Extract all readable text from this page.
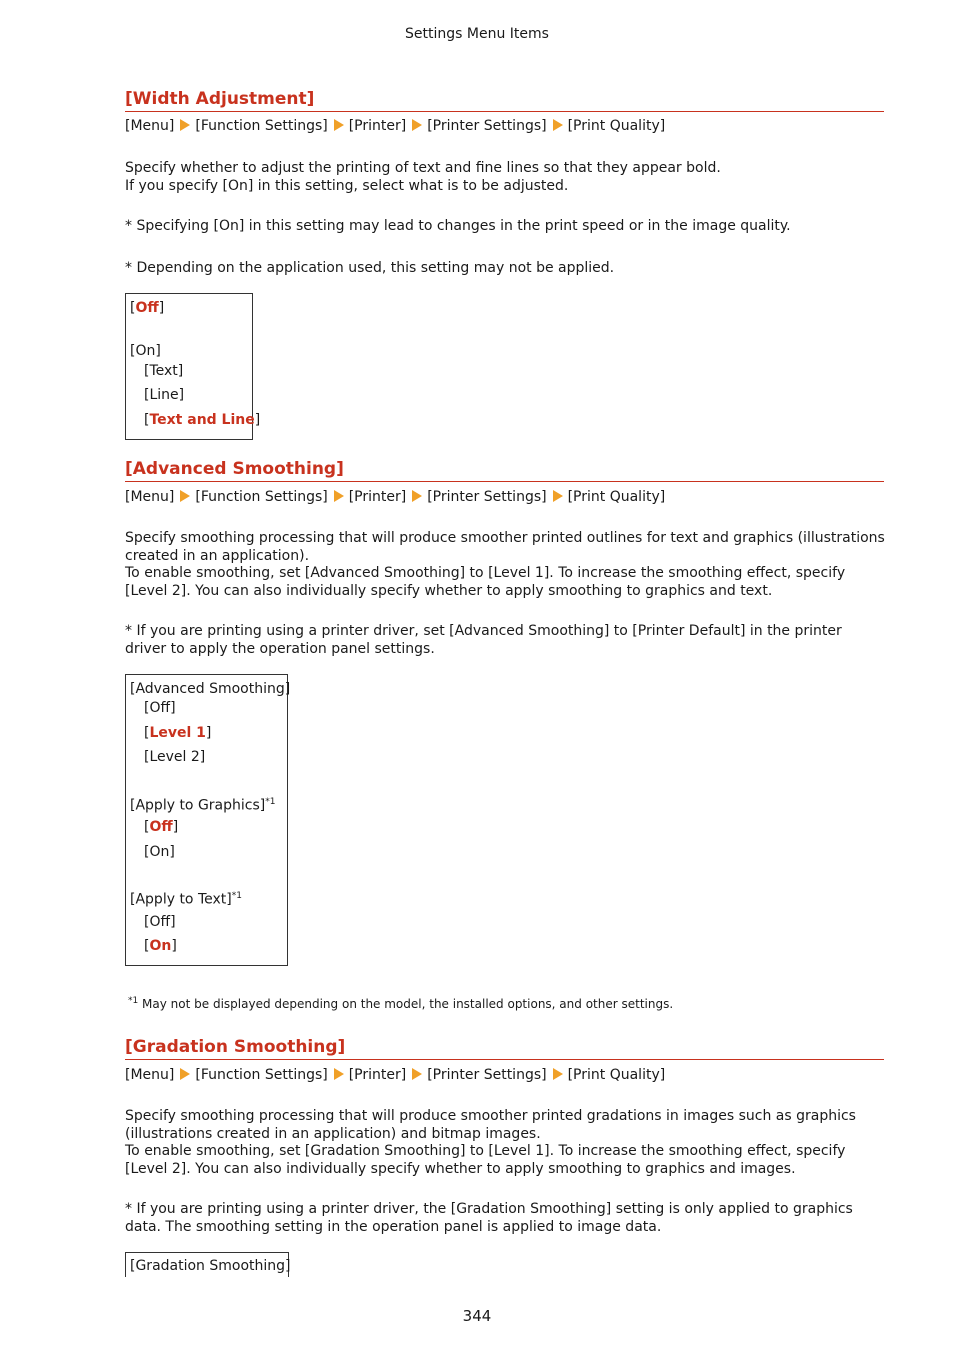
Settings Menu Items
[Width Adjustment]
[Menu] [Function Settings] [Printer] [Printer Settings] [Print Quality]
Specify whether to adjust the printing of text and fine lines so that they appear bold.
If you specify [On] in this setting, select what is to be adjusted.
* Specifying [On] in this setting may lead to changes in the print speed or in the image quality.
* Depending on the application used, this setting may not be applied.
[Off]
[On]
[Text]
[Line]
[Text and Line]
[Advanced Smoothing]
[Menu] [Function Settings] [Printer] [Printer Settings] [Print Quality]
Specify smoothing processing that will produce smoother printed outlines for text and graphics (illustrations created in an application).
To enable smoothing, set [Advanced Smoothing] to [Level 1]. To increase the smoothing effect, specify [Level 2]. You can also individually specify whether to apply smoothing to graphics and text.
* If you are printing using a printer driver, set [Advanced Smoothing] to [Printer Default] in the printer driver to apply the operation panel settings.
[Advanced Smoothing]
[Off]
[Level 1]
[Level 2]
[Apply to Graphics]$^{*1}$
[Off]
[On]
[Apply to Text]$^{*1}$
[Off]
[On]
$^{*1}$ May not be displayed depending on the model, the installed options, and other settings.
[Gradation Smoothing]
[Menu] [Function Settings] [Printer] [Printer Settings] [Print Quality]
Specify smoothing processing that will produce smoother printed gradations in images such as graphics (illustrations created in an application) and bitmap images.
To enable smoothing, set [Gradation Smoothing] to [Level 1]. To increase the smoothing effect, specify [Level 2]. You can also individually specify whether to apply smoothing to graphics and images.
* If you are printing using a printer driver, the [Gradation Smoothing] setting is only applied to graphics data. The smoothing setting in the operation panel is applied to image data.
[Gradation Smoothing]
344
